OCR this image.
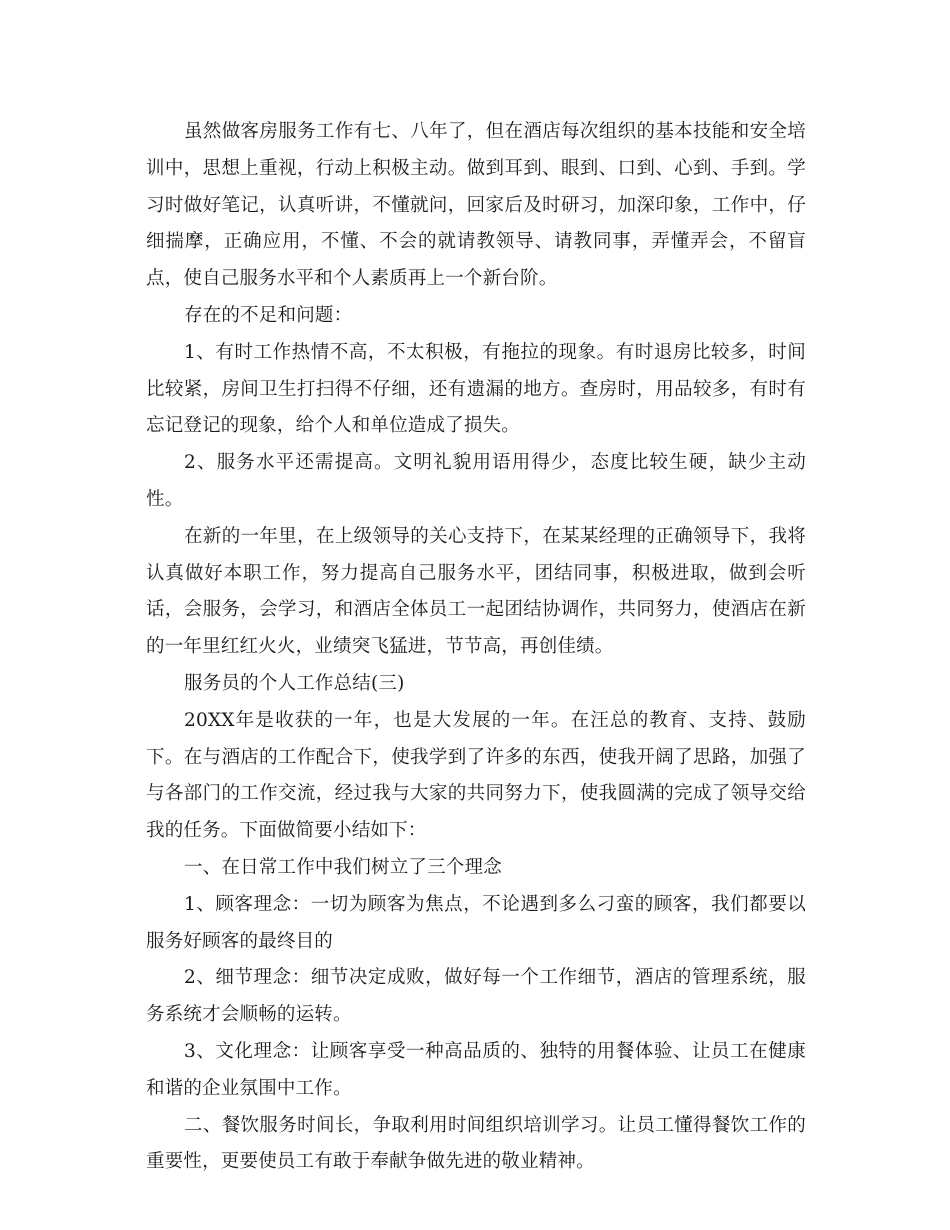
虽然做客房服务工作有七、八年了，但在酒店每次组织的基本技能和安全培训中，思想上重视，行动上积极主动。做到耳到、眼到、口到、心到、手到。学习时做好笔记，认真听讲，不懂就问，回家后及时研习，加深印象，工作中，仔细揣摩，正确应用，不懂、不会的就请教领导、请教同事，弄懂弄会，不留盲点，使自己服务水平和个人素质再上一个新台阶。

存在的不足和问题：

1、有时工作热情不高，不太积极，有拖拉的现象。有时退房比较多，时间比较紧，房间卫生打扫得不仔细，还有遗漏的地方。查房时，用品较多，有时有忘记登记的现象，给个人和单位造成了损失。

2、服务水平还需提高。文明礼貌用语用得少，态度比较生硬，缺少主动性。

在新的一年里，在上级领导的关心支持下，在某某经理的正确领导下，我将认真做好本职工作，努力提高自己服务水平，团结同事，积极进取，做到会听话，会服务，会学习，和酒店全体员工一起团结协调作，共同努力，使酒店在新的一年里红红火火，业绩突飞猛进，节节高，再创佳绩。

服务员的个人工作总结(三)

20XX年是收获的一年，也是大发展的一年。在汪总的教育、支持、鼓励下。在与酒店的工作配合下，使我学到了许多的东西，使我开阔了思路，加强了与各部门的工作交流，经过我与大家的共同努力下，使我圆满的完成了领导交给我的任务。下面做简要小结如下：

一、在日常工作中我们树立了三个理念

1、顾客理念：一切为顾客为焦点，不论遇到多么刁蛮的顾客，我们都要以服务好顾客的最终目的

2、细节理念：细节决定成败，做好每一个工作细节，酒店的管理系统，服务系统才会顺畅的运转。

3、文化理念：让顾客享受一种高品质的、独特的用餐体验、让员工在健康和谐的企业氛围中工作。

二、餐饮服务时间长，争取利用时间组织培训学习。让员工懂得餐饮工作的重要性，更要使员工有敢于奉献争做先进的敬业精神。
